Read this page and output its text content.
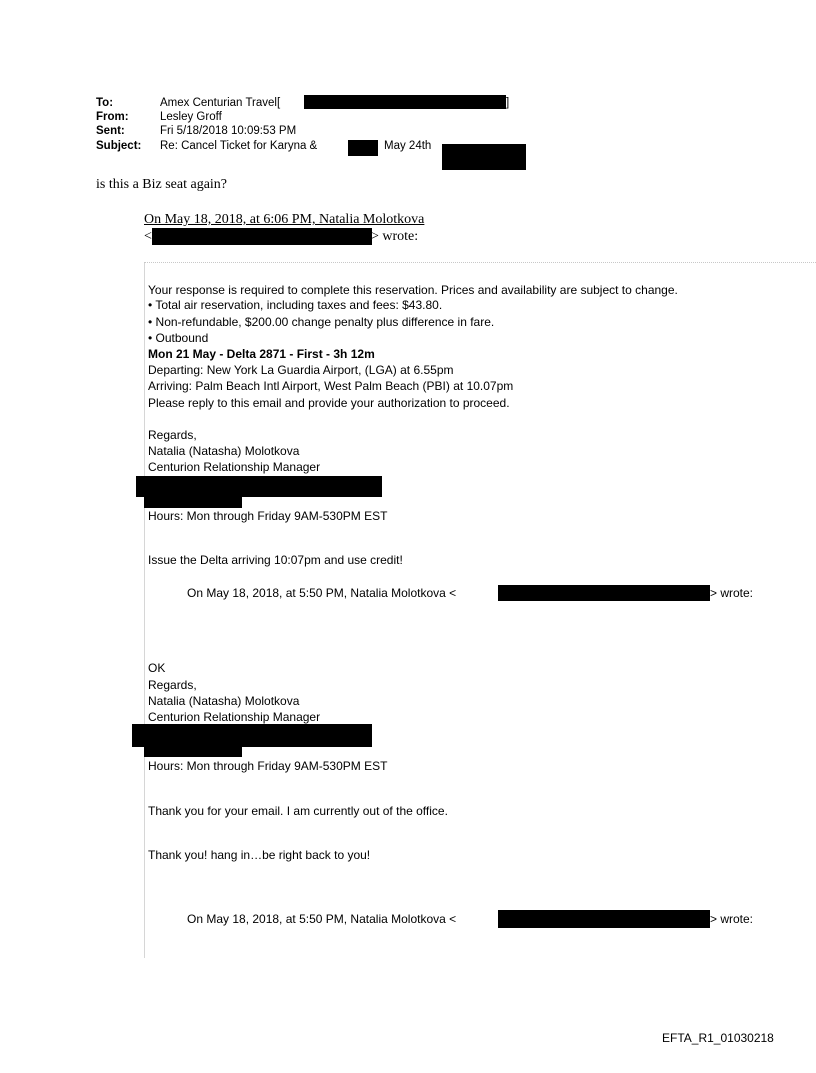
To:	Amex Centurian Travel[	]
From:	Lesley Groff
Sent:	Fri 5/18/2018 10:09:53 PM
Subject: Re: Cancel Ticket for Karyna &	May 24th
is this a Biz seat again?
On May 18, 2018, at 6:06 PM, Natalia Molotkova
<	> wrote:
Your response is required to complete this reservation. Prices and availability are subject to change.
• Total air reservation, including taxes and fees: $43.80.
• Non-refundable, $200.00 change penalty plus difference in fare.
• Outbound
Mon 21 May - Delta 2871 - First - 3h 12m
Departing: New York La Guardia Airport, (LGA) at 6.55pm
Arriving: Palm Beach Intl Airport, West Palm Beach (PBI) at 10.07pm
Please reply to this email and provide your authorization to proceed.
Regards,
Natalia (Natasha) Molotkova
Centurion Relationship Manager
Hours: Mon through Friday 9AM-530PM EST
Issue the Delta arriving 10:07pm and use credit!
On May 18, 2018, at 5:50 PM, Natalia Molotkova <	> wrote:
OK
Regards,
Natalia (Natasha) Molotkova
Centurion Relationship Manager
Hours: Mon through Friday 9AM-530PM EST
Thank you for your email. I am currently out of the office.
Thank you! hang in…be right back to you!
On May 18, 2018, at 5:50 PM, Natalia Molotkova <	> wrote:
EFTA_R1_01030218
